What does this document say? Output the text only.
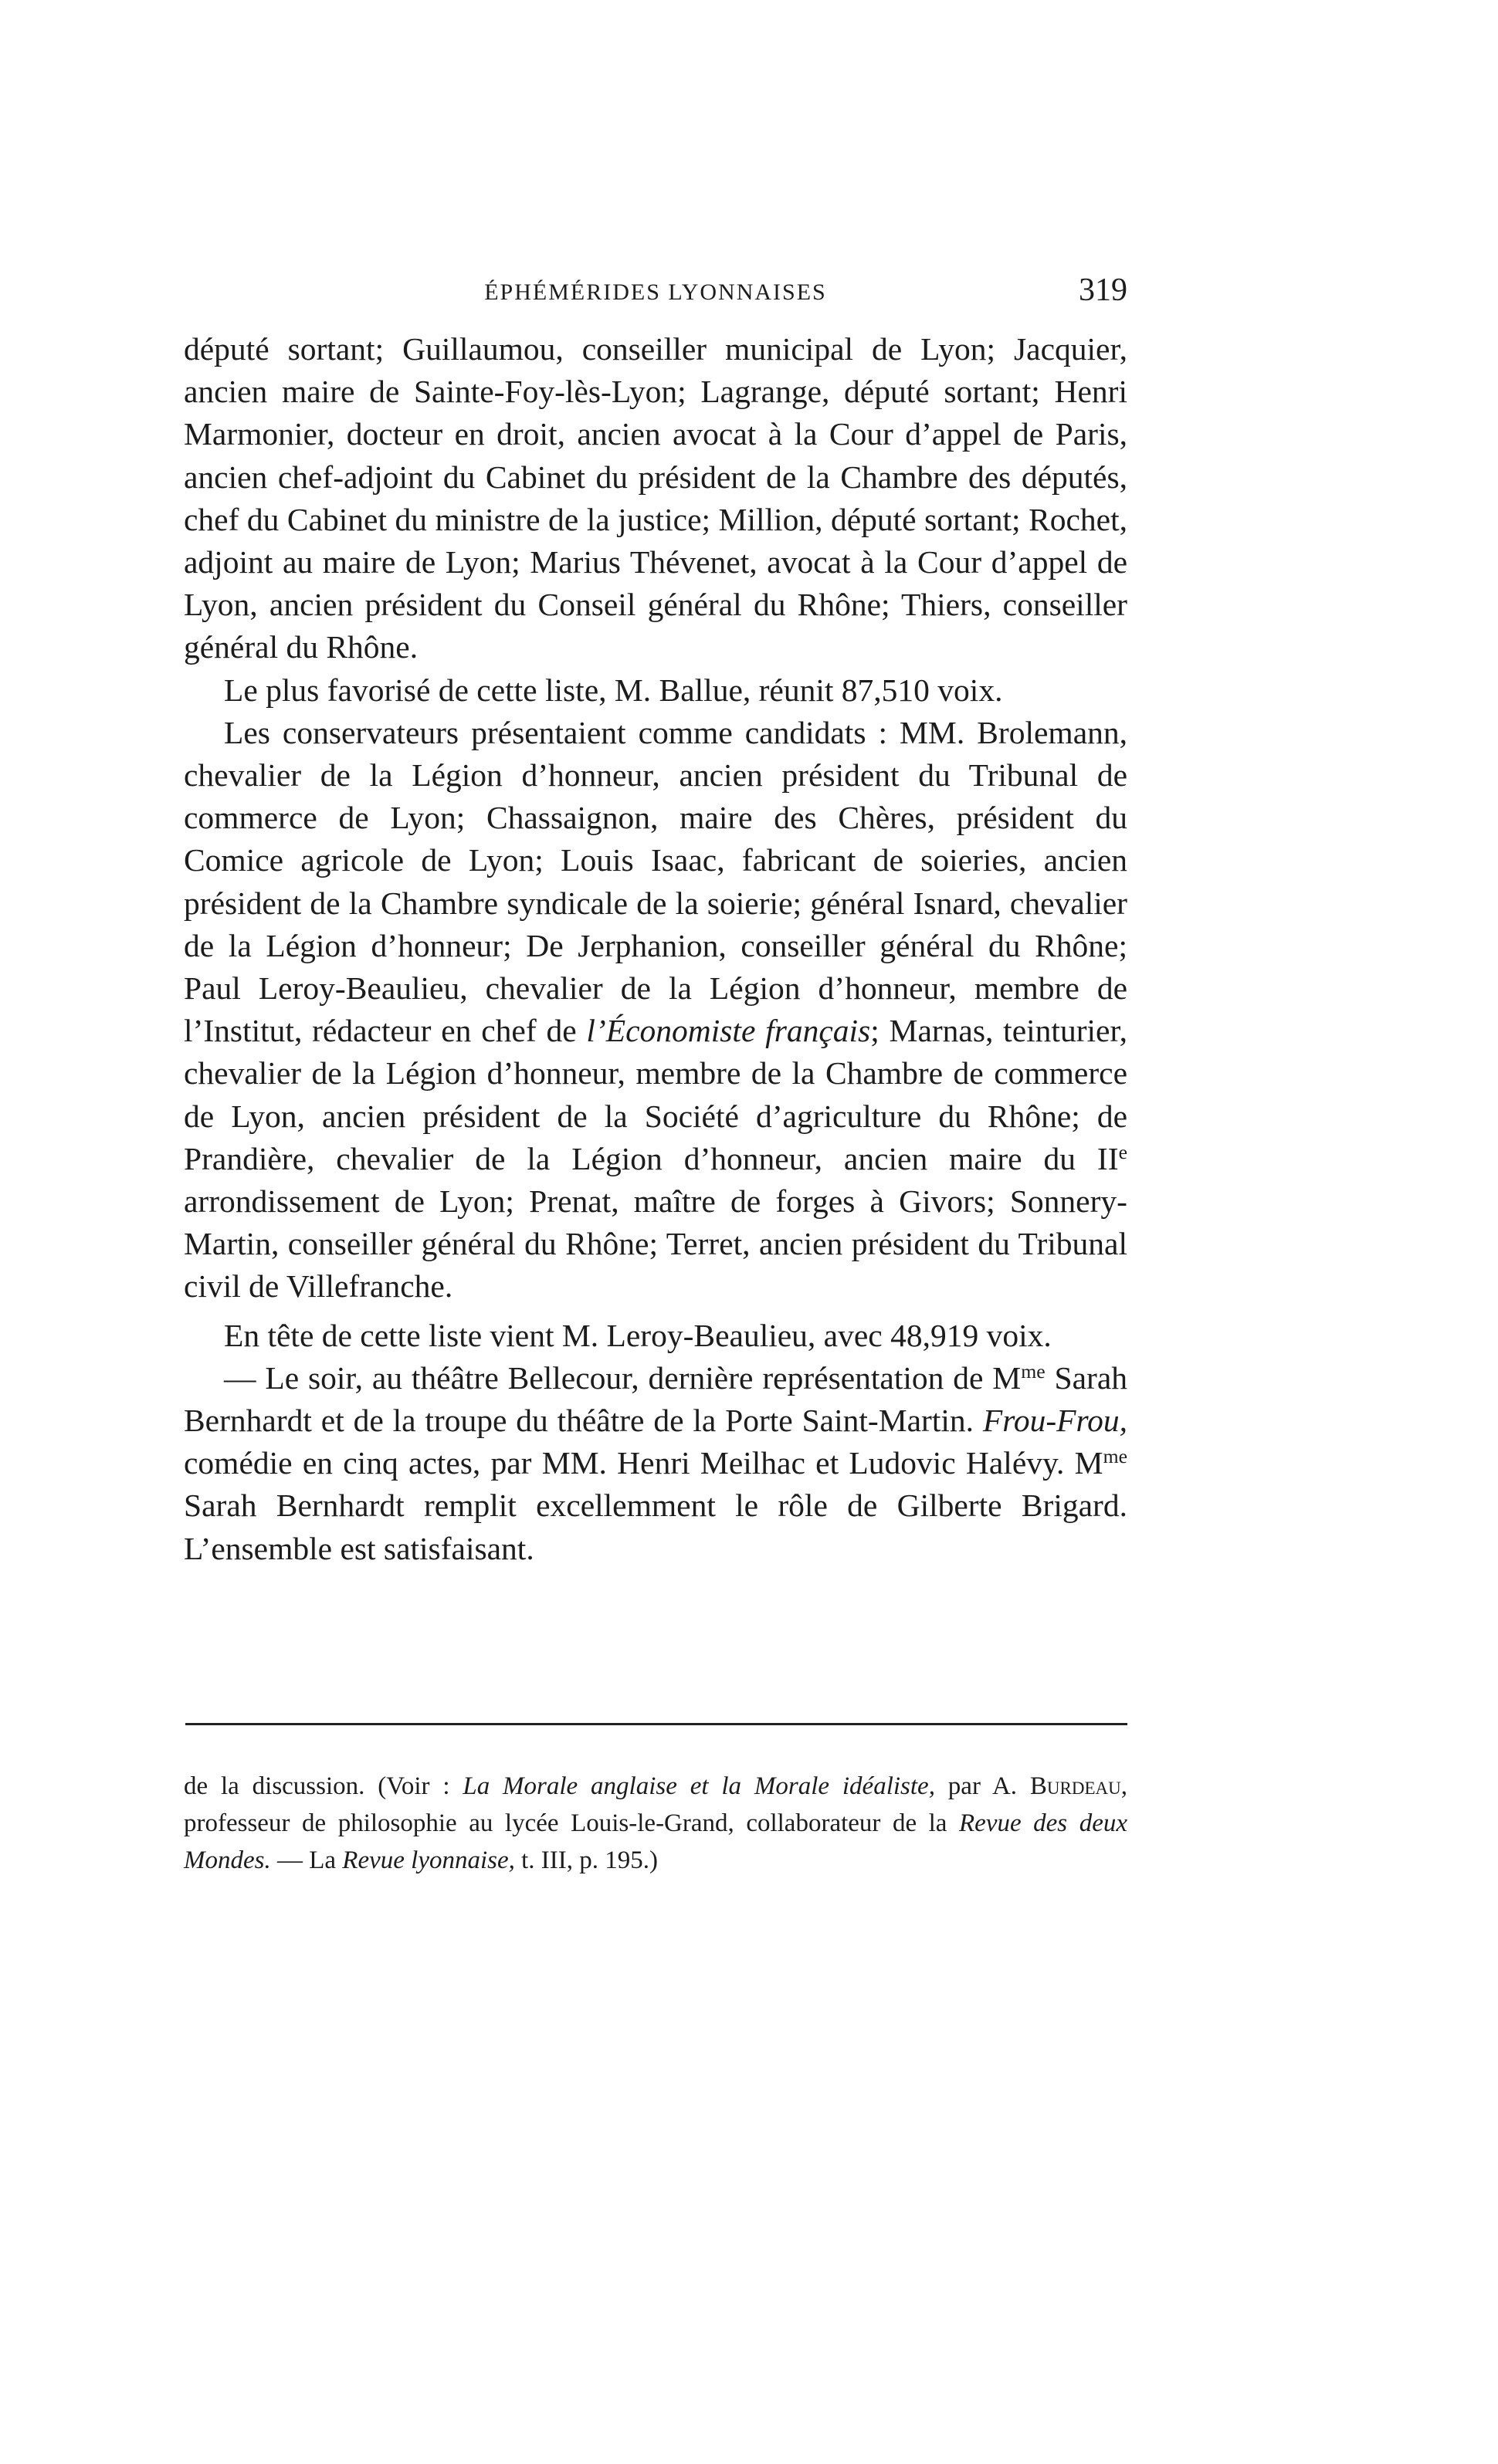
ÉPHÉMÉRIDES LYONNAISES	319

député sortant; Guillaumou, conseiller municipal de Lyon; Jacquier, ancien maire de Sainte-Foy-lès-Lyon; Lagrange, député sortant; Henri Marmonier, docteur en droit, ancien avocat à la Cour d’appel de Paris, ancien chef-adjoint du Cabinet du président de la Chambre des députés, chef du Cabinet du ministre de la justice; Million, député sortant; Rochet, adjoint au maire de Lyon; Marius Thévenet, avocat à la Cour d’appel de Lyon, ancien président du Conseil général du Rhône; Thiers, conseiller général du Rhône.

Le plus favorisé de cette liste, M. Ballue, réunit 87,510 voix.

Les conservateurs présentaient comme candidats : MM. Brolemann, chevalier de la Légion d’honneur, ancien président du Tribunal de commerce de Lyon; Chassaignon, maire des Chères, président du Comice agricole de Lyon; Louis Isaac, fabricant de soieries, ancien président de la Chambre syndicale de la soierie; général Isnard, chevalier de la Légion d’honneur; De Jerphanion, conseiller général du Rhône; Paul Leroy-Beaulieu, chevalier de la Légion d’honneur, membre de l’Institut, rédacteur en chef de l’Économiste français; Marnas, teinturier, chevalier de la Légion d’honneur, membre de la Chambre de commerce de Lyon, ancien président de la Société d’agriculture du Rhône; de Prandière, chevalier de la Légion d’honneur, ancien maire du IIe arrondissement de Lyon; Prenat, maître de forges à Givors; Sonnery-Martin, conseiller général du Rhône; Terret, ancien président du Tribunal civil de Villefranche.

En tête de cette liste vient M. Leroy-Beaulieu, avec 48,919 voix.

— Le soir, au théâtre Bellecour, dernière représentation de $M^{me}$ Sarah Bernhardt et de la troupe du théâtre de la Porte Saint-Martin. Frou-Frou, comédie en cinq actes, par MM. Henri Meilhac et Ludovic Halévy. $M^{me}$ Sarah Bernhardt remplit excellemment le rôle de Gilberte Brigard. L’ensemble est satisfaisant.

de la discussion. (Voir : La Morale anglaise et la Morale idéaliste, par A. Burdeau, professeur de philosophie au lycée Louis-le-Grand, collaborateur de la Revue des deux Mondes. — La Revue lyonnaise, t. III, p. 195.)
